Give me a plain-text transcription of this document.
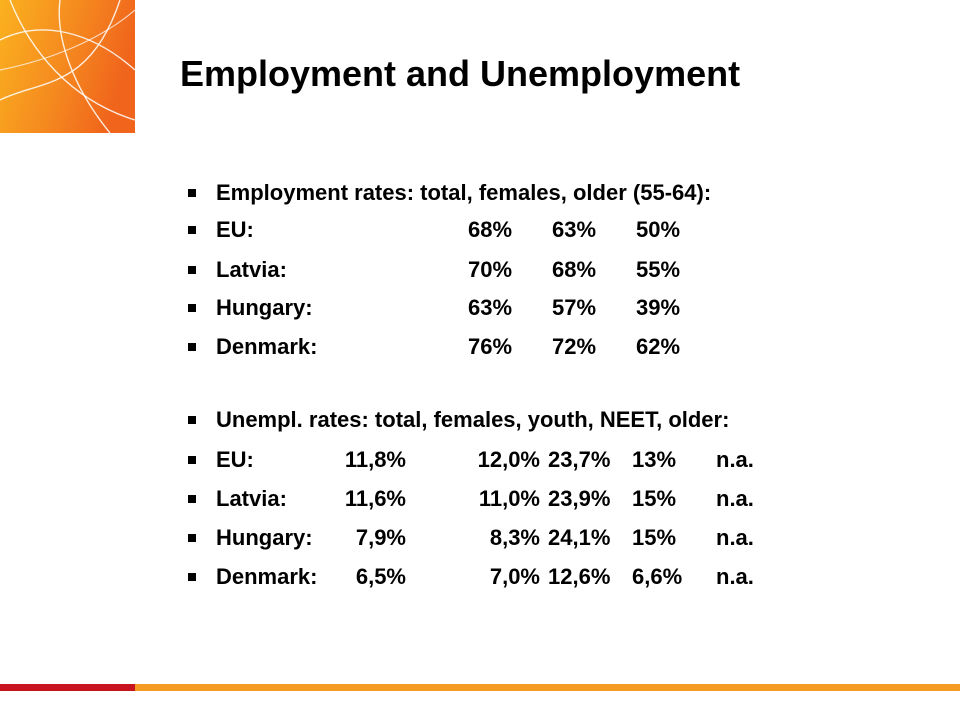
Employment and Unemployment
Employment rates: total, females, older (55-64):
EU:	68% 63% 50%
Latvia:	70% 68% 55%
Hungary:	63% 57% 39%
Denmark:	76% 72% 62%
Unempl. rates: total, females, youth, NEET, older:
EU:	11,8%	12,0% 23,7% 13% n.a.
Latvia:	11,6%	11,0% 23,9% 15% n.a.
Hungary: 7,9%	8,3% 24,1% 15% n.a.
Denmark: 6,5%	7,0% 12,6% 6,6% n.a.
